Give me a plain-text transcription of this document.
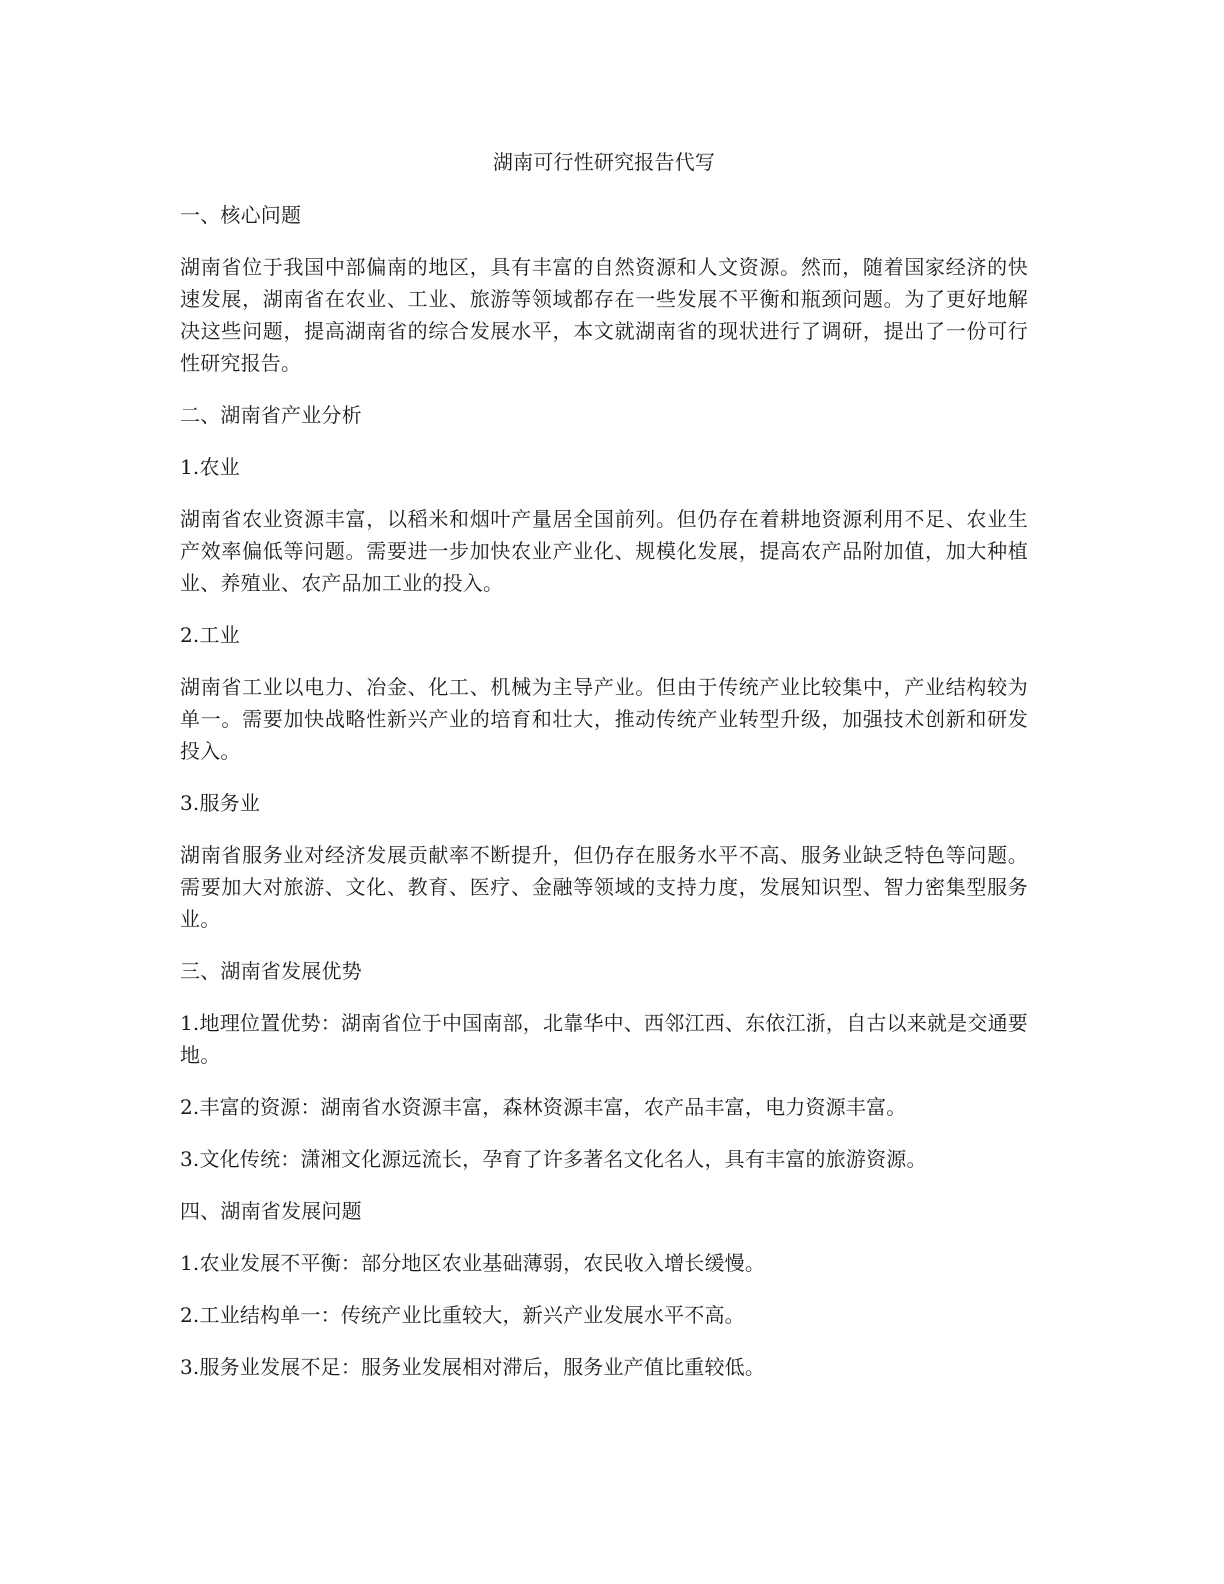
湖南可行性研究报告代写
一、核心问题
湖南省位于我国中部偏南的地区，具有丰富的自然资源和人文资源。然而，随着国家经济的快速发展，湖南省在农业、工业、旅游等领域都存在一些发展不平衡和瓶颈问题。为了更好地解决这些问题，提高湖南省的综合发展水平，本文就湖南省的现状进行了调研，提出了一份可行性研究报告。
二、湖南省产业分析
1.农业
湖南省农业资源丰富，以稻米和烟叶产量居全国前列。但仍存在着耕地资源利用不足、农业生产效率偏低等问题。需要进一步加快农业产业化、规模化发展，提高农产品附加值，加大种植业、养殖业、农产品加工业的投入。
2.工业
湖南省工业以电力、冶金、化工、机械为主导产业。但由于传统产业比较集中，产业结构较为单一。需要加快战略性新兴产业的培育和壮大，推动传统产业转型升级，加强技术创新和研发投入。
3.服务业
湖南省服务业对经济发展贡献率不断提升，但仍存在服务水平不高、服务业缺乏特色等问题。需要加大对旅游、文化、教育、医疗、金融等领域的支持力度，发展知识型、智力密集型服务业。
三、湖南省发展优势
1.地理位置优势：湖南省位于中国南部，北靠华中、西邻江西、东依江浙，自古以来就是交通要地。
2.丰富的资源：湖南省水资源丰富，森林资源丰富，农产品丰富，电力资源丰富。
3.文化传统：潇湘文化源远流长，孕育了许多著名文化名人，具有丰富的旅游资源。
四、湖南省发展问题
1.农业发展不平衡：部分地区农业基础薄弱，农民收入增长缓慢。
2.工业结构单一：传统产业比重较大，新兴产业发展水平不高。
3.服务业发展不足：服务业发展相对滞后，服务业产值比重较低。
